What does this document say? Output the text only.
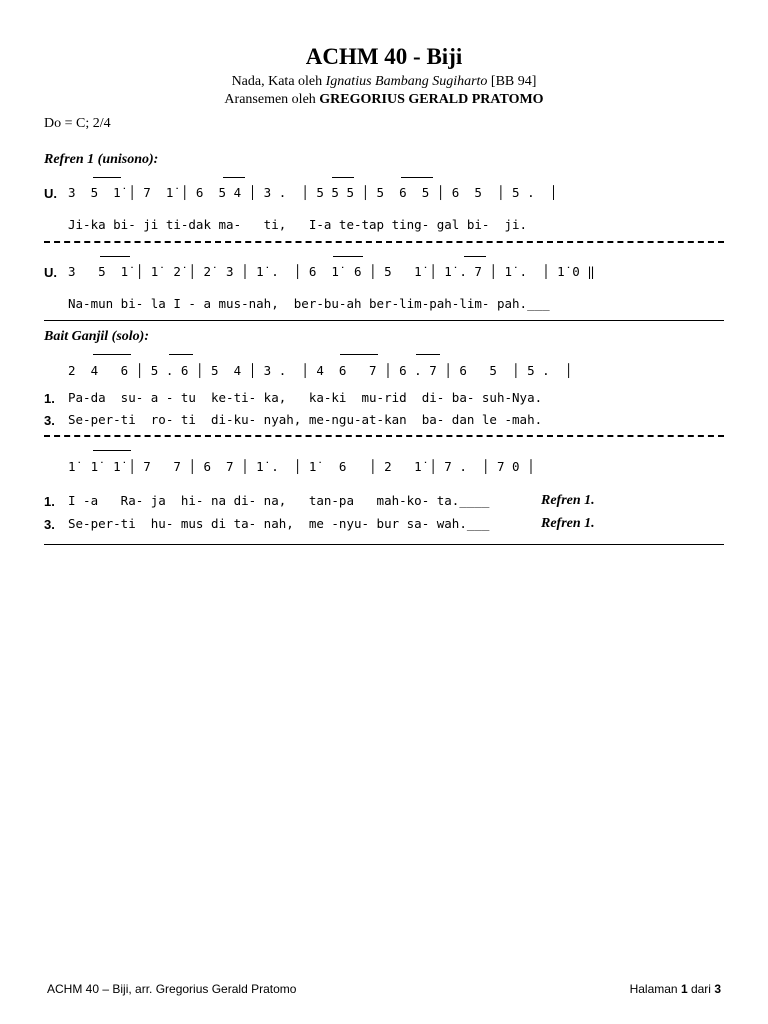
ACHM 40 - Biji
Nada, Kata oleh Ignatius Bambang Sugiharto [BB 94]
Aransemen oleh GREGORIUS GERALD PRATOMO
Do = C; 2/4
Refren 1 (unisono):
U. 3  5  1̇ │ 7  1̇ │ 6  5 4 │ 3 .  │ 5 5 5 │ 5  6  5 │ 6  5  │ 5 .  │
Ji-ka bi- ji ti-dak ma-   ti,   I-a te-tap ting- gal bi-  ji.
U. 3   5  1̇ │ 1̇  2̇ │ 2̇  3 │ 1̇ .  │ 6  1̇  6 │ 5   1̇ │ 1̇ . 7 │ 1̇ .  │ 1̇ 0 ‖
Na-mun bi- la I - a mus-nah,  ber-bu-ah ber-lim-pah-lim- pah.___
Bait Ganjil (solo):
2  4   6 │ 5 . 6 │ 5  4 │ 3 .  │ 4  6   7 │ 6 . 7 │ 6   5  │ 5 .  │
1. Pa-da  su- a - tu  ke-ti- ka,   ka-ki  mu-rid  di- ba- suh-Nya.
3. Se-per-ti  ro- ti  di-ku- nyah, me-ngu-at-kan  ba- dan le -mah.
1̇  1̇  1̇ │ 7   7 │ 6  7 │ 1̇ .  │ 1̇   6   │ 2   1̇ │ 7 .  │ 7 0 │
1. I -a   Ra- ja  hi- na di- na,   tan-pa   mah-ko- ta.____	Refren 1.
3. Se-per-ti  hu- mus di ta- nah,  me -nyu- bur sa- wah.___	Refren 1.
ACHM 40 – Biji, arr. Gregorius Gerald Pratomo	Halaman 1 dari 3
